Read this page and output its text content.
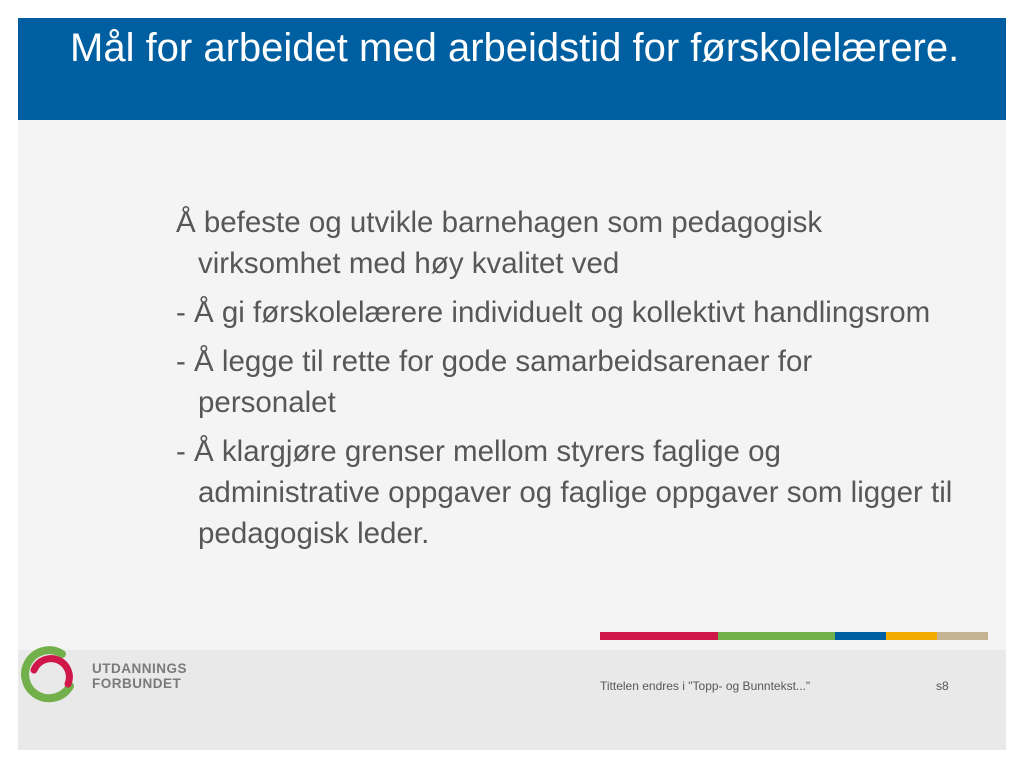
Mål for arbeidet med arbeidstid for førskolelærere.

Å befeste og utvikle barnehagen som pedagogisk virksomhet med høy kvalitet ved

- Å gi førskolelærere individuelt og kollektivt handlingsrom

- Å legge til rette for gode samarbeidsarenaer for personalet

- Å klargjøre grenser mellom styrers faglige og administrative oppgaver og faglige oppgaver som ligger til pedagogisk leder.

UTDANNINGS
FORBUNDET	Tittelen endres i "Topp- og Bunntekst..."	s8
